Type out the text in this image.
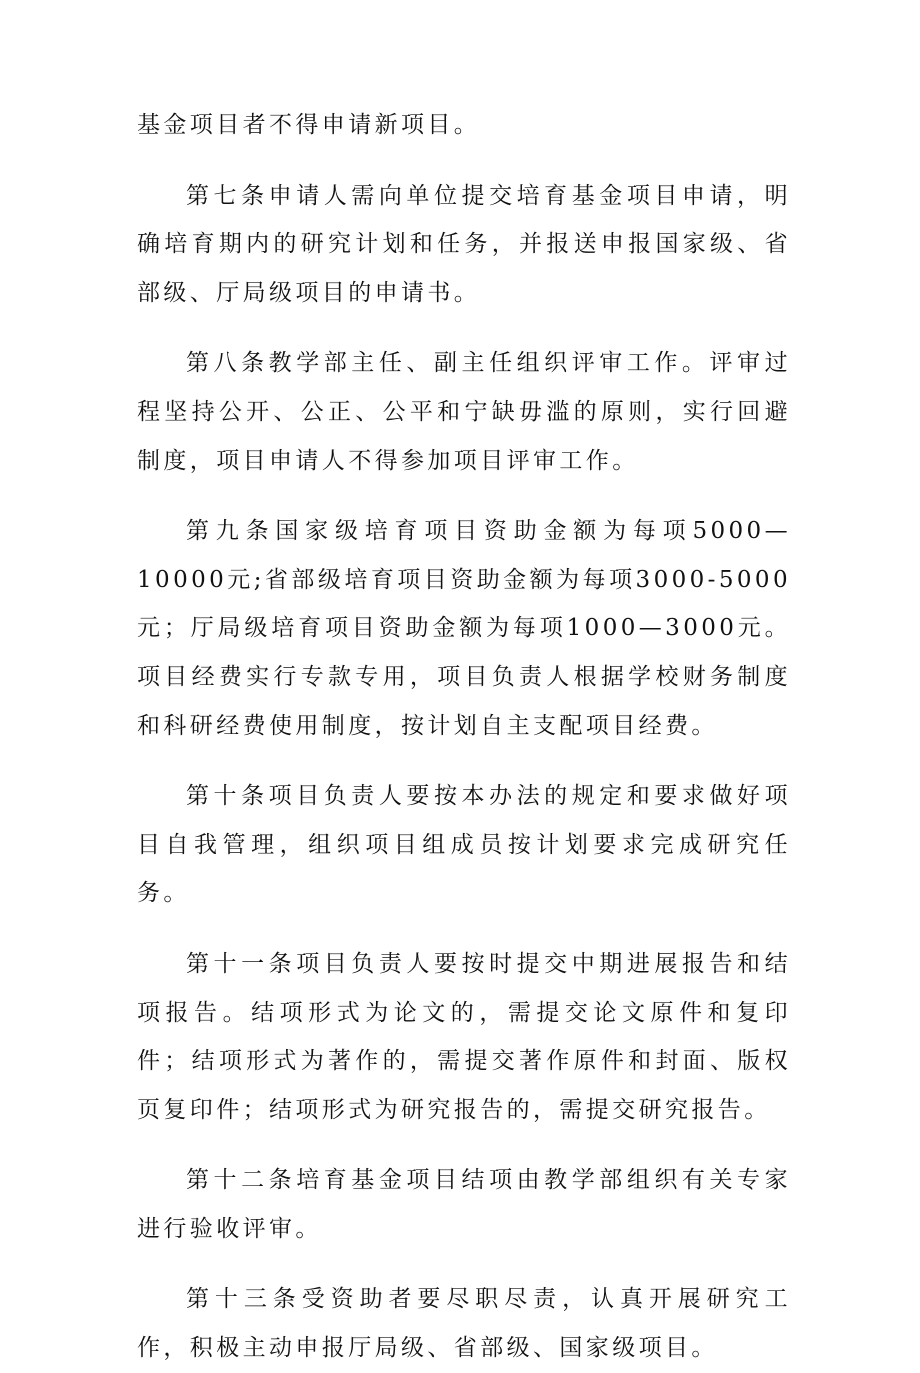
基金项目者不得申请新项目。

第七条申请人需向单位提交培育基金项目申请，明确培育期内的研究计划和任务，并报送申报国家级、省部级、厅局级项目的申请书。

第八条教学部主任、副主任组织评审工作。评审过程坚持公开、公正、公平和宁缺毋滥的原则，实行回避制度，项目申请人不得参加项目评审工作。

第九条国家级培育项目资助金额为每项5000—10000元;省部级培育项目资助金额为每项3000-5000元；厅局级培育项目资助金额为每项1000—3000元。项目经费实行专款专用，项目负责人根据学校财务制度和科研经费使用制度，按计划自主支配项目经费。

第十条项目负责人要按本办法的规定和要求做好项目自我管理，组织项目组成员按计划要求完成研究任务。

第十一条项目负责人要按时提交中期进展报告和结项报告。结项形式为论文的，需提交论文原件和复印件；结项形式为著作的，需提交著作原件和封面、版权页复印件；结项形式为研究报告的，需提交研究报告。

第十二条培育基金项目结项由教学部组织有关专家进行验收评审。

第十三条受资助者要尽职尽责，认真开展研究工作，积极主动申报厅局级、省部级、国家级项目。
